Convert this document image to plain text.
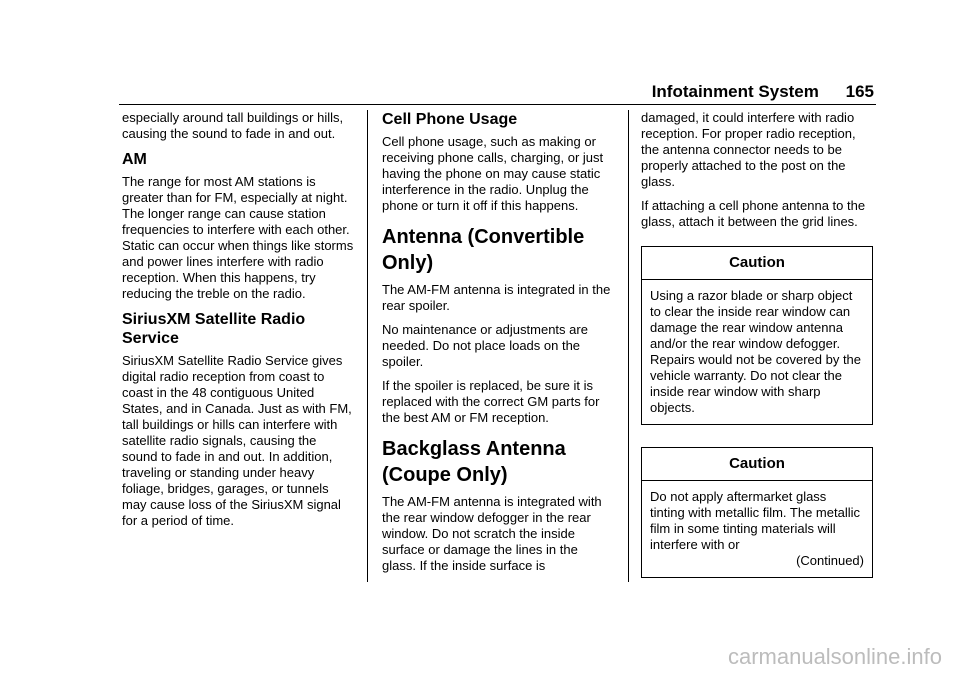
Infotainment System 165

especially around tall buildings or hills, causing the sound to fade in and out.

AM

The range for most AM stations is greater than for FM, especially at night. The longer range can cause station frequencies to interfere with each other. Static can occur when things like storms and power lines interfere with radio reception. When this happens, try reducing the treble on the radio.

SiriusXM Satellite Radio Service

SiriusXM Satellite Radio Service gives digital radio reception from coast to coast in the 48 contiguous United States, and in Canada. Just as with FM, tall buildings or hills can interfere with satellite radio signals, causing the sound to fade in and out. In addition, traveling or standing under heavy foliage, bridges, garages, or tunnels may cause loss of the SiriusXM signal for a period of time.

Cell Phone Usage

Cell phone usage, such as making or receiving phone calls, charging, or just having the phone on may cause static interference in the radio. Unplug the phone or turn it off if this happens.

Antenna (Convertible Only)

The AM-FM antenna is integrated in the rear spoiler.

No maintenance or adjustments are needed. Do not place loads on the spoiler.

If the spoiler is replaced, be sure it is replaced with the correct GM parts for the best AM or FM reception.

Backglass Antenna (Coupe Only)

The AM-FM antenna is integrated with the rear window defogger in the rear window. Do not scratch the inside surface or damage the lines in the glass. If the inside surface is

damaged, it could interfere with radio reception. For proper radio reception, the antenna connector needs to be properly attached to the post on the glass.

If attaching a cell phone antenna to the glass, attach it between the grid lines.

Caution
Using a razor blade or sharp object to clear the inside rear window can damage the rear window antenna and/or the rear window defogger. Repairs would not be covered by the vehicle warranty. Do not clear the inside rear window with sharp objects.
Caution
Do not apply aftermarket glass tinting with metallic film. The metallic film in some tinting materials will interfere with or
(Continued)
carmanualsonline.info
